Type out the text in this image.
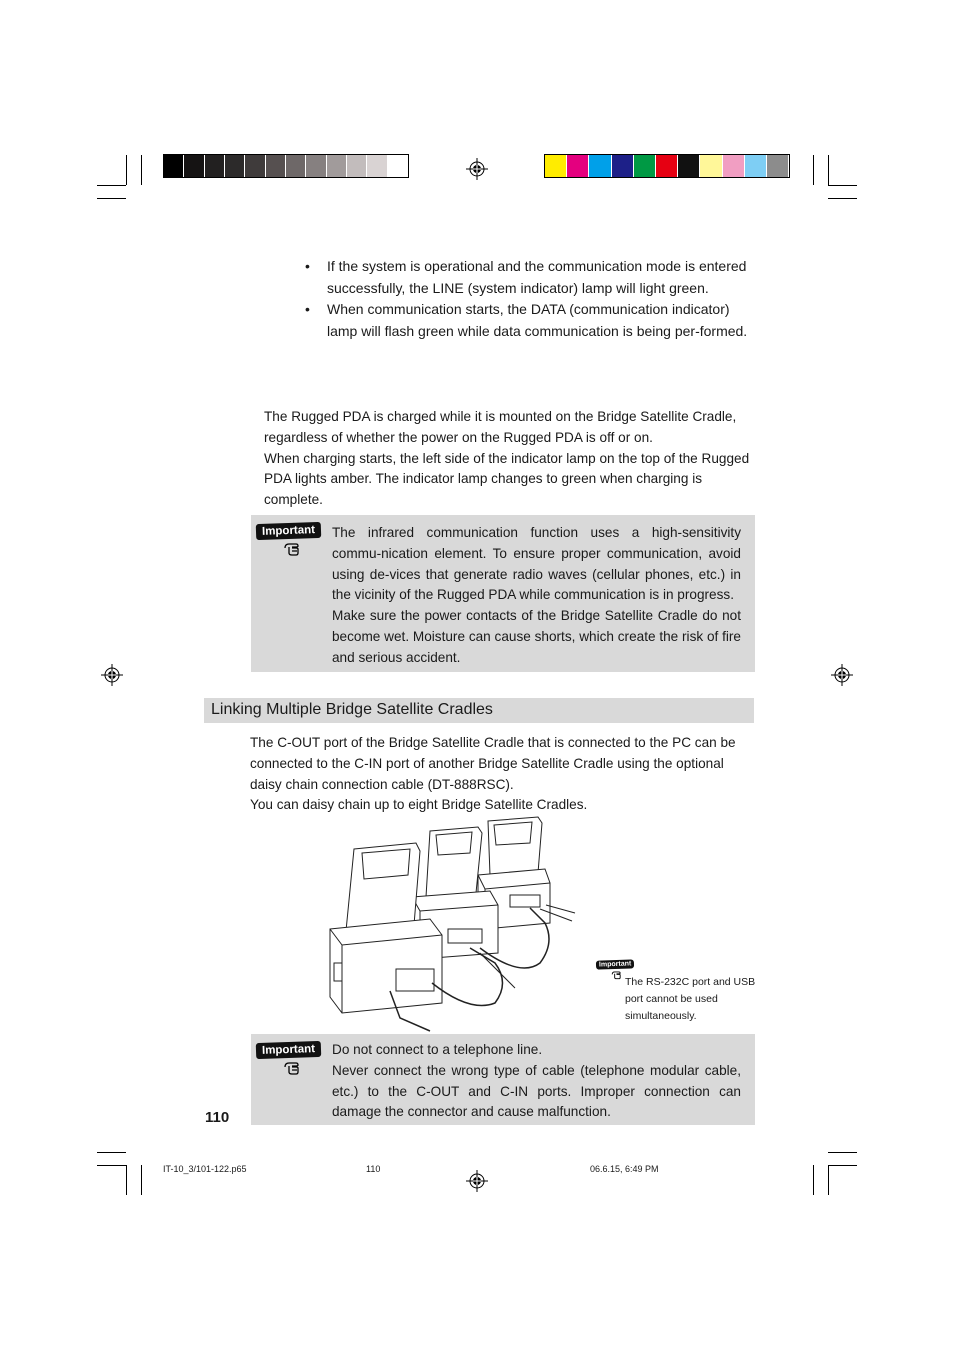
•	If the system is operational and the communication mode is entered successfully, the LINE (system indicator) lamp will light green.
•	When communication starts, the DATA (communication indicator) lamp will flash green while data communication is being per-formed.
The Rugged PDA is charged while it is mounted on the Bridge Satellite Cradle, regardless of whether the power on the Rugged PDA is off or on.
When charging starts, the left side of the indicator lamp on the top of the Rugged PDA lights amber. The indicator lamp changes to green when charging is complete.
Important	The infrared communication function uses a high-sensitivity commu-nication element. To ensure proper communication, avoid using de-vices that generate radio waves (cellular phones, etc.) in the vicinity of the Rugged PDA while communication is in progress.
Make sure the power contacts of the Bridge Satellite Cradle do not become wet. Moisture can cause shorts, which create the risk of fire and serious accident.
Linking Multiple Bridge Satellite Cradles
The C-OUT port of the Bridge Satellite Cradle that is connected to the PC can be connected to the C-IN port of another Bridge Satellite Cradle using the optional daisy chain connection cable (DT-888RSC).
You can daisy chain up to eight Bridge Satellite Cradles.
Important
The RS-232C port and USB port cannot be used simultaneously.
Important	Do not connect to a telephone line.
Never connect the wrong type of cable (telephone modular cable, etc.) to the C-OUT and C-IN ports. Improper connection can damage the connector and cause malfunction.
110
IT-10_3/101-122.p65	110	06.6.15, 6:49 PM
